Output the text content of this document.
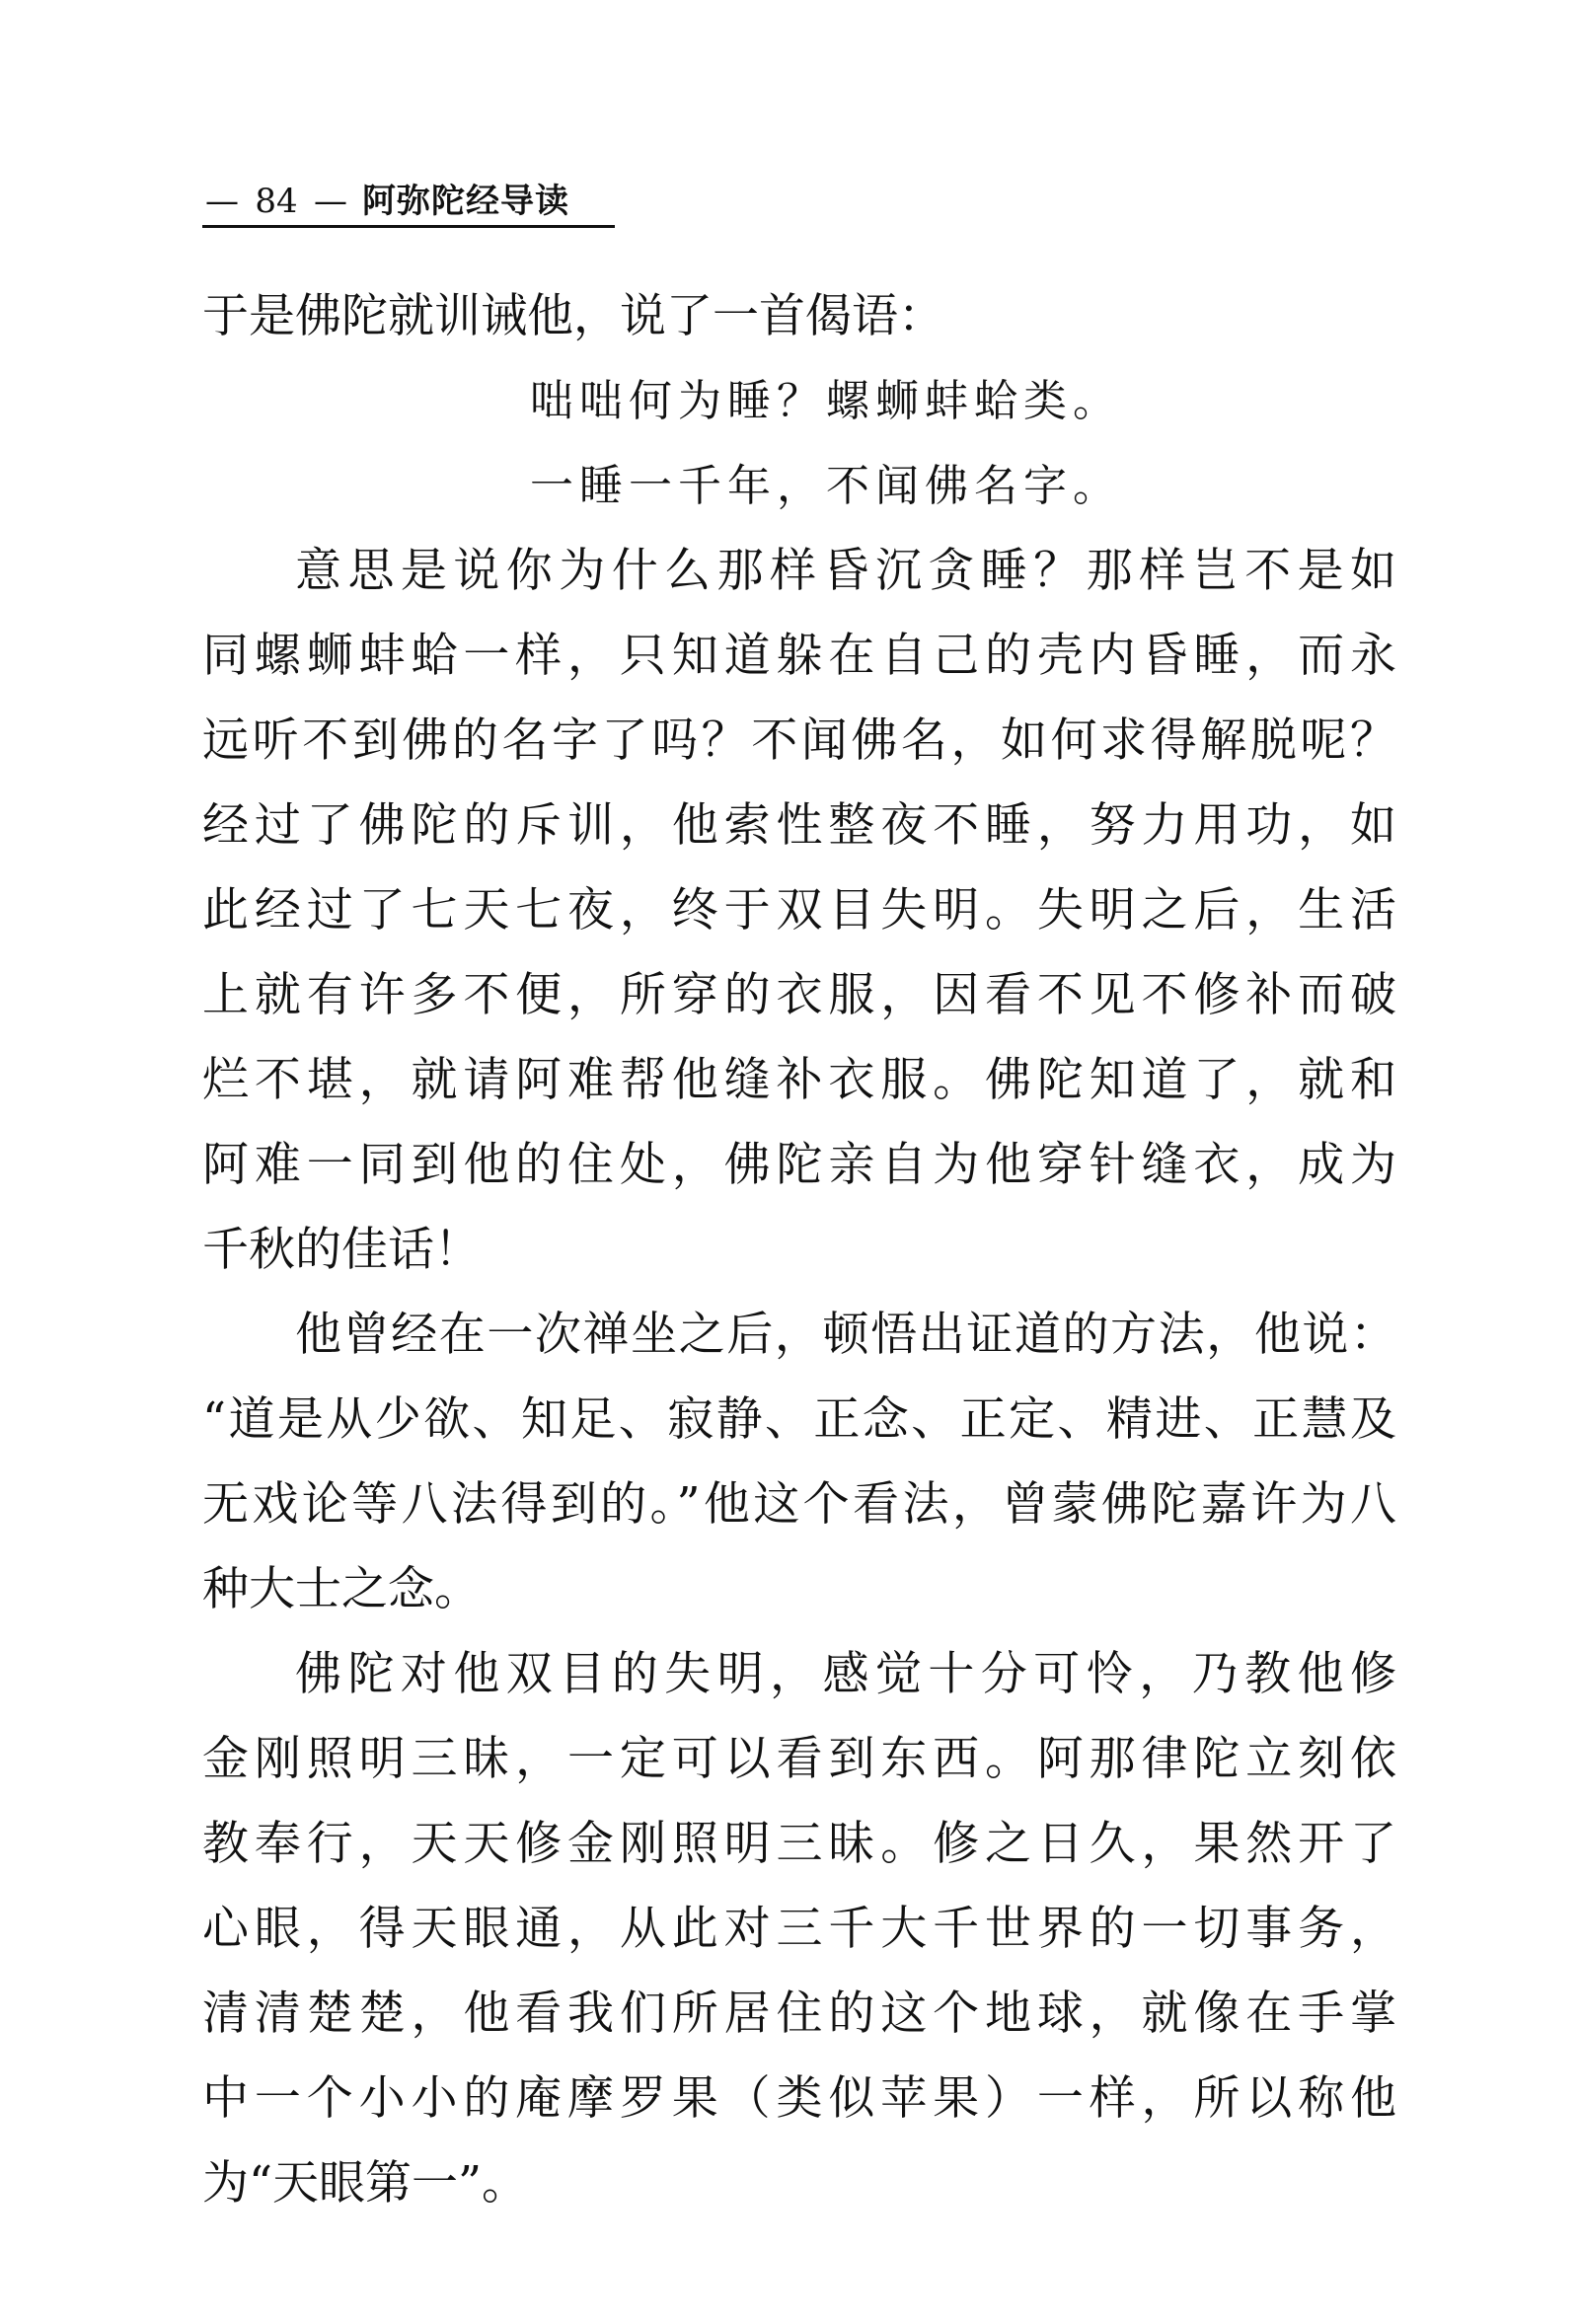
— 84 — 阿弥陀经导读
于是佛陀就训诫他，说了一首偈语：
咄咄何为睡？螺蛳蚌蛤类。
一睡一千年，不闻佛名字。
意思是说你为什么那样昏沉贪睡？那样岂不是如
同螺蛳蚌蛤一样，只知道躲在自己的壳内昏睡，而永
远听不到佛的名字了吗？不闻佛名，如何求得解脱呢？
经过了佛陀的斥训，他索性整夜不睡，努力用功，如
此经过了七天七夜，终于双目失明。失明之后，生活
上就有许多不便，所穿的衣服，因看不见不修补而破
烂不堪，就请阿难帮他缝补衣服。佛陀知道了，就和
阿难一同到他的住处，佛陀亲自为他穿针缝衣，成为
千秋的佳话！
他曾经在一次禅坐之后，顿悟出证道的方法，他说：
“道是从少欲、知足、寂静、正念、正定、精进、正慧及
无戏论等八法得到的。”他这个看法，曾蒙佛陀嘉许为八
种大士之念。
佛陀对他双目的失明，感觉十分可怜，乃教他修
金刚照明三昧，一定可以看到东西。阿那律陀立刻依
教奉行，天天修金刚照明三昧。修之日久，果然开了
心眼，得天眼通，从此对三千大千世界的一切事务，
清清楚楚，他看我们所居住的这个地球，就像在手掌
中一个小小的庵摩罗果（类似苹果）一样，所以称他
为“天眼第一”。
